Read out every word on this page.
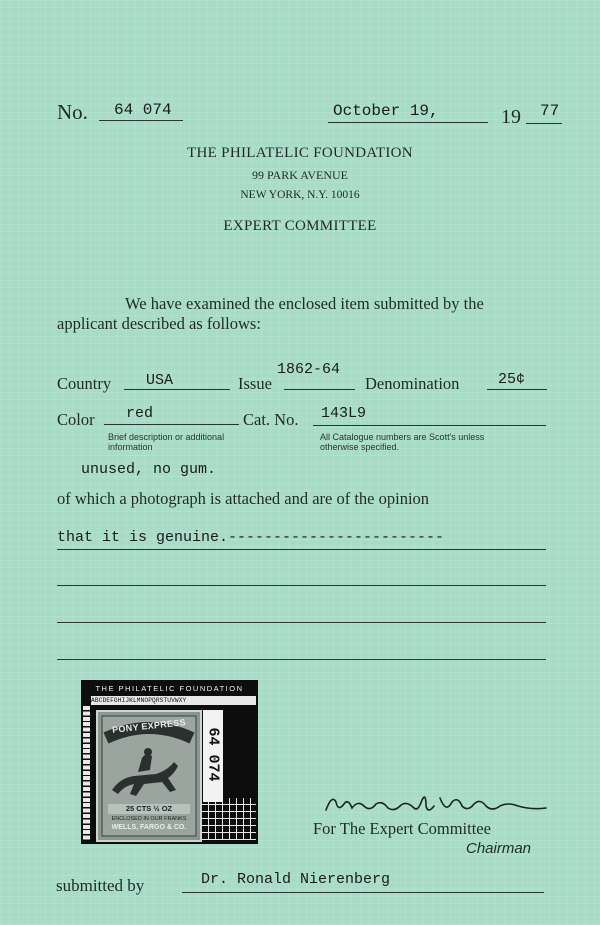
No. 64 074	October 19,	19 77
THE PHILATELIC FOUNDATION
99 PARK AVENUE
NEW YORK, N.Y. 10016
EXPERT COMMITTEE
We have examined the enclosed item submitted by the
applicant described as follows:
Country USA	Issue
1862-64
Denomination	25¢
Color red	Cat. No. 143L9
Brief description or additional information
All Catalogue numbers are Scott's unless otherwise specified.
unused, no gum.
of which a photograph is attached and are of the opinion
that it is genuine.------------------------
THE PHILATELIC FOUNDATION
ABCDEFGHIJKLMNOPQRSTUVWXY
PONY EXPRESS
25 CTS ½ OZ
ENCLOSED IN OUR FRANKS
WELLS, FARGO & CO.
64 074
For The Expert Committee
Chairman
submitted by	Dr. Ronald Nierenberg
